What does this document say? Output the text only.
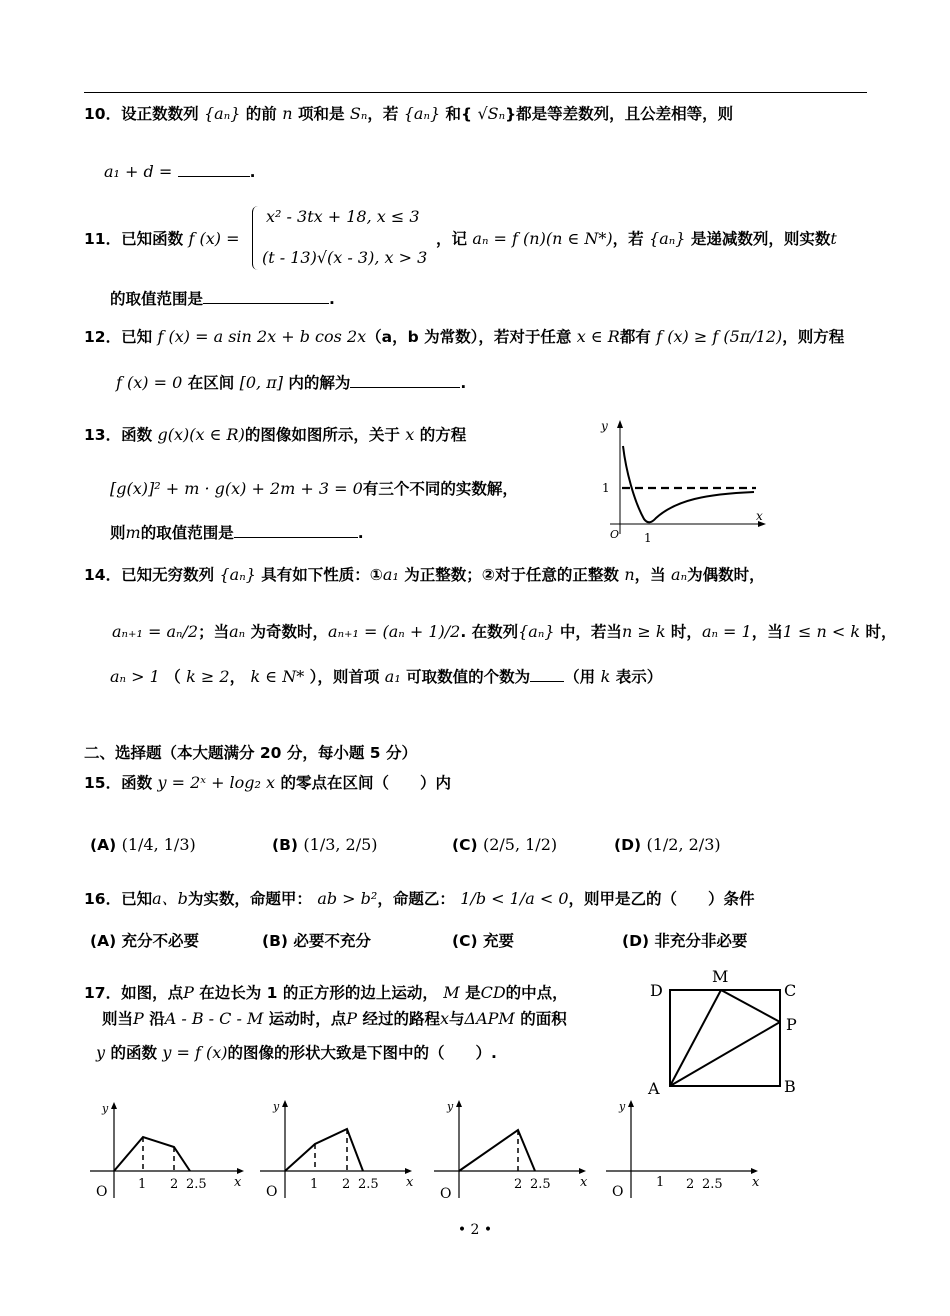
10．设正数数列 {aₙ} 的前 n 项和是 Sₙ，若 {aₙ} 和{ √Sₙ}都是等差数列，且公差相等，则
a₁ + d =	.
11．已知函数 f (x) =
x² - 3tx + 18, x ≤ 3
(t - 13)√(x - 3), x > 3
，记 aₙ = f (n)(n ∈ N*)，若 {aₙ} 是递减数列，则实数t
的取值范围是	.
12．已知 f (x) = a sin 2x + b cos 2x（a，b 为常数），若对于任意 x ∈ R都有 f (x) ≥ f (5π/12)，则方程
f (x) = 0 在区间 [0, π] 内的解为	.
13．函数 g(x)(x ∈ R)的图像如图所示，关于 x 的方程
[g(x)]² + m · g(x) + 2m + 3 = 0有三个不同的实数解，
则m的取值范围是	.
y
x
O
1
1
14．已知无穷数列 {aₙ} 具有如下性质：①a₁ 为正整数；②对于任意的正整数 n，当 aₙ为偶数时，
aₙ₊₁ = aₙ/2；当aₙ 为奇数时，aₙ₊₁ = (aₙ + 1)/2. 在数列{aₙ} 中，若当n ≥ k 时，aₙ = 1，当1 ≤ n < k 时，
aₙ > 1 （ k ≥ 2， k ∈ N* ），则首项 a₁ 可取数值的个数为 （用 k 表示）
二、选择题（本大题满分 20 分，每小题 5 分）
15．函数 y = 2ˣ + log₂ x 的零点在区间（　　）内
(A) (1/4, 1/3)	(B) (1/3, 2/5)	(C) (2/5, 1/2)	(D) (1/2, 2/3)
16．已知a、b为实数，命题甲： ab > b²，命题乙： 1/b < 1/a < 0，则甲是乙的（　　）条件
(A) 充分不必要	(B) 必要不充分	(C) 充要	(D) 非充分非必要
17．如图，点P 在边长为 1 的正方形的边上运动， M 是CD的中点，
则当P 沿A - B - C - M 运动时，点P 经过的路程x与ΔAPM 的面积
y 的函数 y = f (x)的图像的形状大致是下图中的（　　）.
A	B
C
D
M
P
y
x
O 1 2 2.5
y
x
O	1 2 2.5
y
x
O
2 2.5
y
x
O
1 2 2.5
• 2 •
